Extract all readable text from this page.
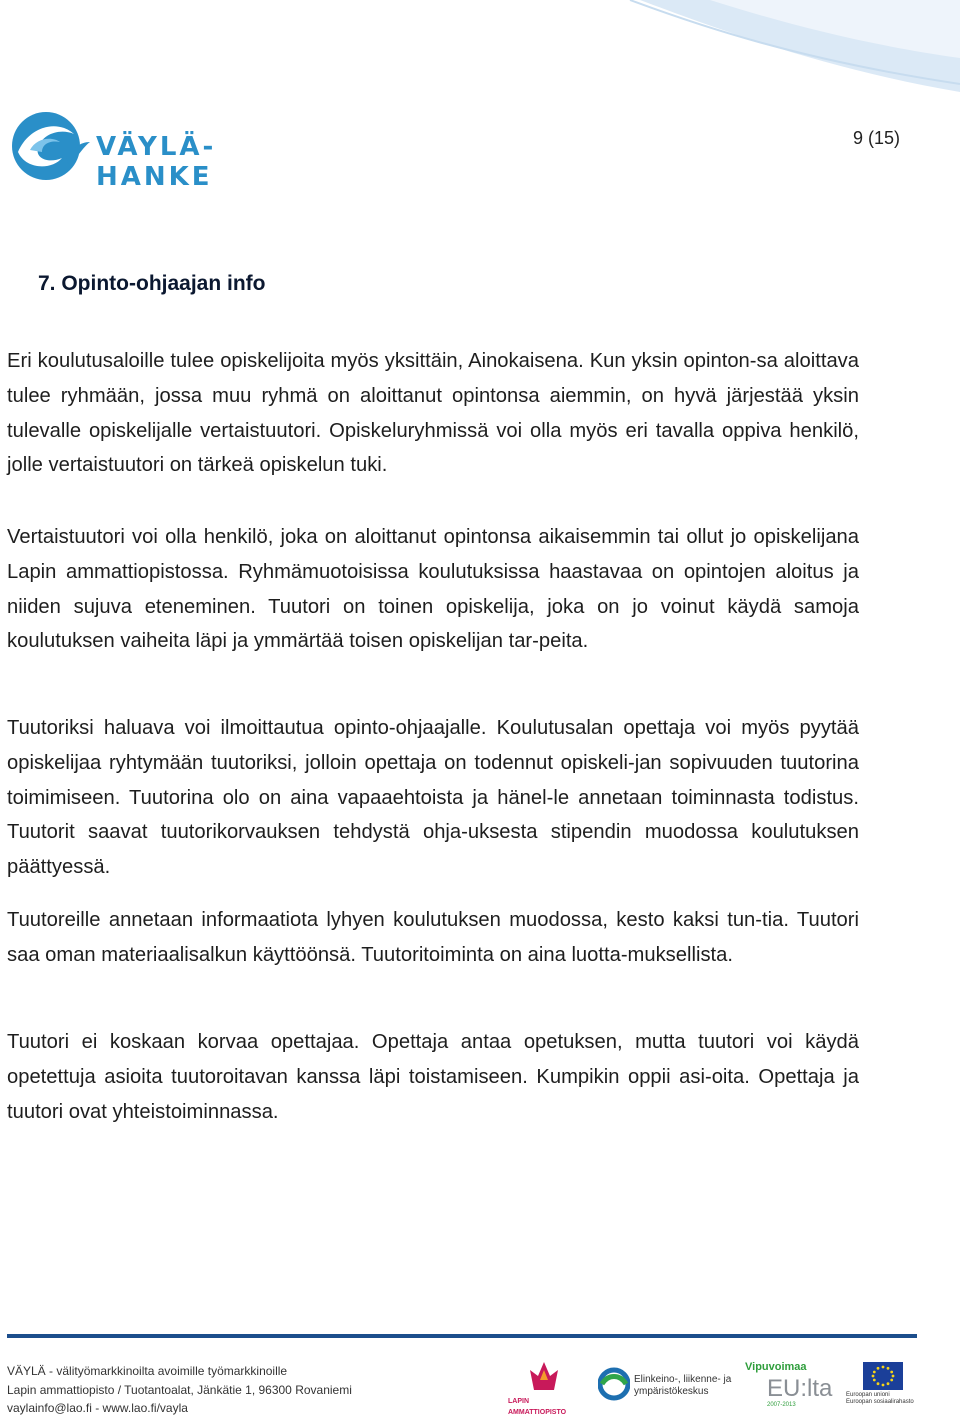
VÄYLÄ-HANKE
9 (15)
7. Opinto-ohjaajan info

Eri koulutusaloille tulee opiskelijoita myös yksittäin, Ainokaisena. Kun yksin opinton-sa aloittava tulee ryhmään, jossa muu ryhmä on aloittanut opintonsa aiemmin, on hyvä järjestää yksin tulevalle opiskelijalle vertaistuutori. Opiskeluryhmissä voi olla myös eri tavalla oppiva henkilö, jolle vertaistuutori on tärkeä opiskelun tuki.

Vertaistuutori voi olla henkilö, joka on aloittanut opintonsa aikaisemmin tai ollut jo opiskelijana Lapin ammattiopistossa. Ryhmämuotoisissa koulutuksissa haastavaa on opintojen aloitus ja niiden sujuva eteneminen. Tuutori on toinen opiskelija, joka on jo voinut käydä samoja koulutuksen vaiheita läpi ja ymmärtää toisen opiskelijan tar-peita.

Tuutoriksi haluava voi ilmoittautua opinto-ohjaajalle. Koulutusalan opettaja voi myös pyytää opiskelijaa ryhtymään tuutoriksi, jolloin opettaja on todennut opiskeli-jan sopivuuden tuutorina toimimiseen. Tuutorina olo on aina vapaaehtoista ja hänel-le annetaan toiminnasta todistus. Tuutorit saavat tuutorikorvauksen tehdystä ohja-uksesta stipendin muodossa koulutuksen päättyessä.

Tuutoreille annetaan informaatiota lyhyen koulutuksen muodossa, kesto kaksi tun-tia. Tuutori saa oman materiaalisalkun käyttöönsä. Tuutoritoiminta on aina luotta-muksellista.

Tuutori ei koskaan korvaa opettajaa. Opettaja antaa opetuksen, mutta tuutori voi käydä opetettuja asioita tuutoroitavan kanssa läpi toistamiseen. Kumpikin oppii asi-oita. Opettaja ja tuutori ovat yhteistoiminnassa.

VÄYLÄ - välityömarkkinoilta avoimille työmarkkinoille
Lapin ammattiopisto / Tuotantoalat, Jänkätie 1, 96300 Rovaniemi
vaylainfo@lao.fi - www.lao.fi/vayla	LAPIN AMMATTIOPISTO
Elinkeino-, liikenne- ja
ympäristökeskus
Vipuvoimaa
EU:lta
2007-2013
Euroopan unioni
Euroopan sosiaalirahasto
